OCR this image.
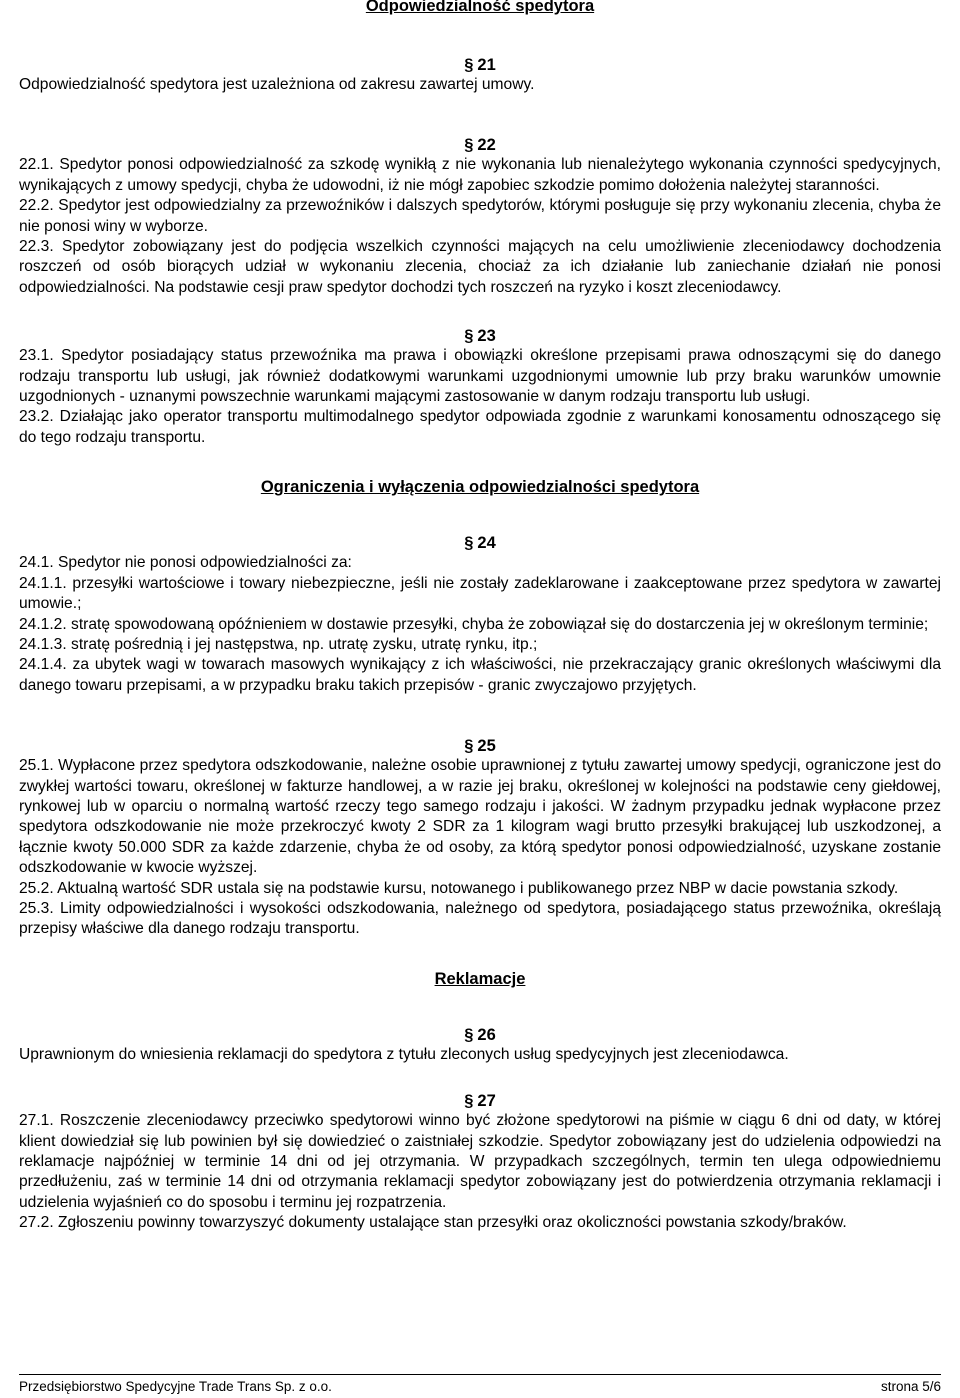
Odpowiedzialność spedytora
§ 21

Odpowiedzialność spedytora jest uzależniona od zakresu zawartej umowy.

§ 22

22.1. Spedytor ponosi odpowiedzialność za szkodę wynikłą z nie wykonania lub nienależytego wykonania czynności spedycyjnych, wynikających z umowy spedycji, chyba że udowodni, iż nie mógł zapobiec szkodzie pomimo dołożenia należytej staranności.

22.2. Spedytor jest odpowiedzialny za przewoźników i dalszych spedytorów, którymi posługuje się przy wykonaniu zlecenia, chyba że nie ponosi winy w wyborze.

22.3. Spedytor zobowiązany jest do podjęcia wszelkich czynności mających na celu umożliwienie zleceniodawcy dochodzenia roszczeń od osób biorących udział w wykonaniu zlecenia, chociaż za ich działanie lub zaniechanie działań nie ponosi odpowiedzialności. Na podstawie cesji praw spedytor dochodzi tych roszczeń na ryzyko i koszt zleceniodawcy.

§ 23

23.1. Spedytor posiadający status przewoźnika ma prawa i obowiązki określone przepisami prawa odnoszącymi się do danego rodzaju transportu lub usługi, jak również dodatkowymi warunkami uzgodnionymi umownie lub przy braku warunków umownie uzgodnionych - uznanymi powszechnie warunkami mającymi zastosowanie w danym rodzaju transportu lub usługi.

23.2. Działając jako operator transportu multimodalnego spedytor odpowiada zgodnie z warunkami konosamentu odnoszącego się do tego rodzaju transportu.

Ograniczenia i wyłączenia odpowiedzialności spedytora
§ 24

24.1. Spedytor nie ponosi odpowiedzialności za:

24.1.1. przesyłki wartościowe i towary niebezpieczne, jeśli nie zostały zadeklarowane i zaakceptowane przez spedytora w zawartej umowie.;

24.1.2. stratę spowodowaną opóźnieniem w dostawie przesyłki, chyba że zobowiązał się do dostarczenia jej w określonym terminie;

24.1.3. stratę pośrednią i jej następstwa, np. utratę zysku, utratę rynku, itp.;

24.1.4. za ubytek wagi w towarach masowych wynikający z ich właściwości, nie przekraczający granic określonych właściwymi dla danego towaru przepisami, a w przypadku braku takich przepisów - granic zwyczajowo przyjętych.

§ 25

25.1. Wypłacone przez spedytora odszkodowanie, należne osobie uprawnionej z tytułu zawartej umowy spedycji, ograniczone jest do zwykłej wartości towaru, określonej w fakturze handlowej, a w razie jej braku, określonej w kolejności na podstawie ceny giełdowej, rynkowej lub w oparciu o normalną wartość rzeczy tego samego rodzaju i jakości. W żadnym przypadku jednak wypłacone przez spedytora odszkodowanie nie może przekroczyć kwoty 2 SDR za 1 kilogram wagi brutto przesyłki brakującej lub uszkodzonej, a łącznie kwoty 50.000 SDR za każde zdarzenie, chyba że od osoby, za którą spedytor ponosi odpowiedzialność, uzyskane zostanie odszkodowanie w kwocie wyższej.

25.2. Aktualną wartość SDR ustala się na podstawie kursu, notowanego i publikowanego przez NBP w dacie powstania szkody.

25.3. Limity odpowiedzialności i wysokości odszkodowania, należnego od spedytora, posiadającego status przewoźnika, określają przepisy właściwe dla danego rodzaju transportu.

Reklamacje
§ 26

Uprawnionym do wniesienia reklamacji do spedytora z tytułu zleconych usług spedycyjnych jest zleceniodawca.

§ 27

27.1. Roszczenie zleceniodawcy przeciwko spedytorowi winno być złożone spedytorowi na piśmie w ciągu 6 dni od daty, w której klient dowiedział się lub powinien był się dowiedzieć o zaistniałej szkodzie. Spedytor zobowiązany jest do udzielenia odpowiedzi na reklamacje najpóźniej w terminie 14 dni od jej otrzymania. W przypadkach szczególnych, termin ten ulega odpowiedniemu przedłużeniu, zaś w terminie 14 dni od otrzymania reklamacji spedytor zobowiązany jest do potwierdzenia otrzymania reklamacji i udzielenia wyjaśnień co do sposobu i terminu jej rozpatrzenia.

27.2. Zgłoszeniu powinny towarzyszyć dokumenty ustalające stan przesyłki oraz okoliczności powstania szkody/braków.

Przedsiębiorstwo Spedycyjne Trade Trans Sp. z o.o.	strona 5/6
